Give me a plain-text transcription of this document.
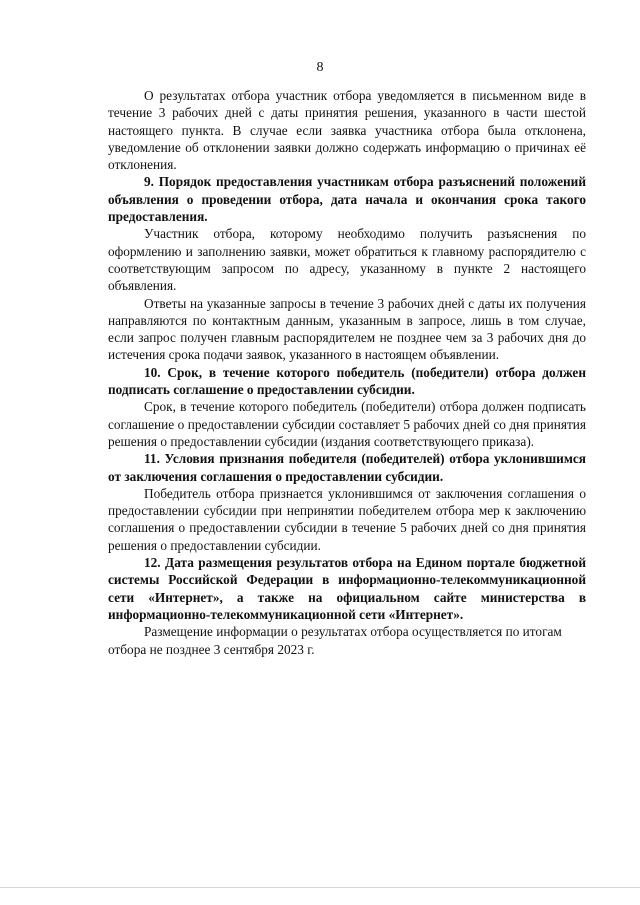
8

О результатах отбора участник отбора уведомляется в письменном виде в течение 3 рабочих дней с даты принятия решения, указанного в части шестой настоящего пункта. В случае если заявка участника отбора была отклонена, уведомление об отклонении заявки должно содержать информацию о причинах её отклонения.

9. Порядок предоставления участникам отбора разъяснений положений объявления о проведении отбора, дата начала и окончания срока такого предоставления.

Участник отбора, которому необходимо получить разъяснения по оформлению и заполнению заявки, может обратиться к главному распорядителю с соответствующим запросом по адресу, указанному в пункте 2 настоящего объявления.

Ответы на указанные запросы в течение 3 рабочих дней с даты их получения направляются по контактным данным, указанным в запросе, лишь в том случае, если запрос получен главным распорядителем не позднее чем за 3 рабочих дня до истечения срока подачи заявок, указанного в настоящем объявлении.

10. Срок, в течение которого победитель (победители) отбора должен подписать соглашение о предоставлении субсидии.

Срок, в течение которого победитель (победители) отбора должен подписать соглашение о предоставлении субсидии составляет 5 рабочих дней со дня принятия решения о предоставлении субсидии (издания соответствующего приказа).

11. Условия признания победителя (победителей) отбора уклонившимся от заключения соглашения о предоставлении субсидии.

Победитель отбора признается уклонившимся от заключения соглашения о предоставлении субсидии при непринятии победителем отбора мер к заключению соглашения о предоставлении субсидии в течение 5 рабочих дней со дня принятия решения о предоставлении субсидии.

12. Дата размещения результатов отбора на Едином портале бюджетной системы Российской Федерации в информационно-телекоммуникационной сети «Интернет», а также на официальном сайте министерства в информационно-телекоммуникационной сети «Интернет».

Размещение информации о результатах отбора осуществляется по итогам отбора не позднее 3 сентября 2023 г.
